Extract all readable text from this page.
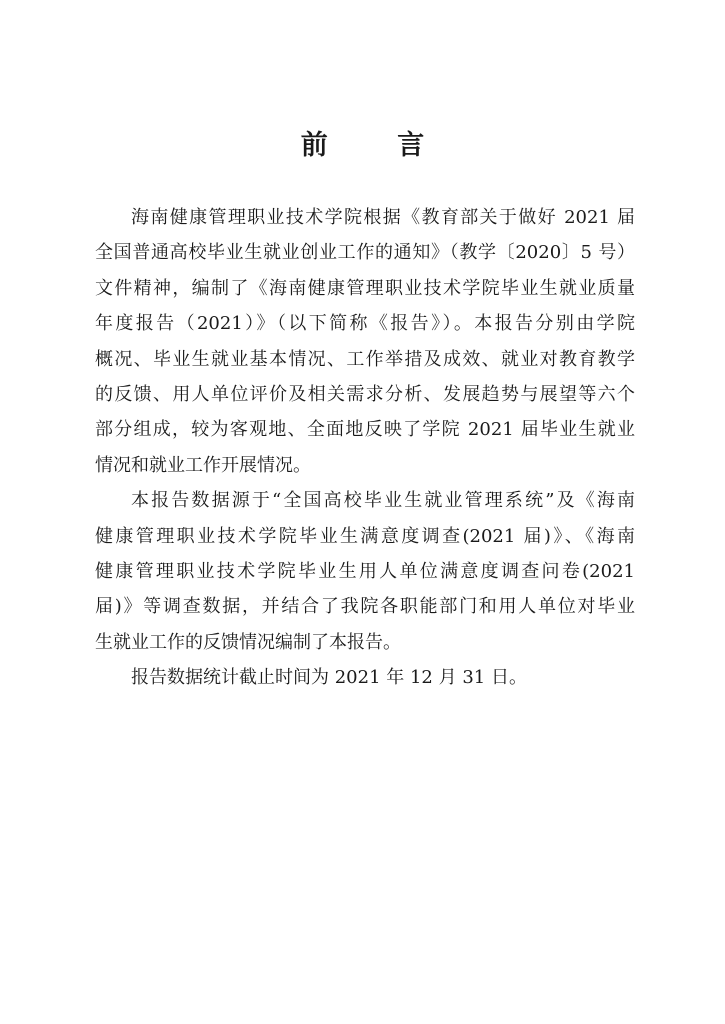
前 言
海南健康管理职业技术学院根据《教育部关于做好 2021 届
全国普通高校毕业生就业创业工作的通知》（教学〔2020〕5 号）
文件精神，编制了《海南健康管理职业技术学院毕业生就业质量
年度报告（2021）》（以下简称《报告》）。本报告分别由学院
概况、毕业生就业基本情况、工作举措及成效、就业对教育教学
的反馈、用人单位评价及相关需求分析、发展趋势与展望等六个
部分组成，较为客观地、全面地反映了学院 2021 届毕业生就业
情况和就业工作开展情况。
本报告数据源于“全国高校毕业生就业管理系统”及《海南
健康管理职业技术学院毕业生满意度调查(2021 届)》、《海南
健康管理职业技术学院毕业生用人单位满意度调查问卷(2021
届)》等调查数据，并结合了我院各职能部门和用人单位对毕业
生就业工作的反馈情况编制了本报告。
报告数据统计截止时间为 2021 年 12 月 31 日。
